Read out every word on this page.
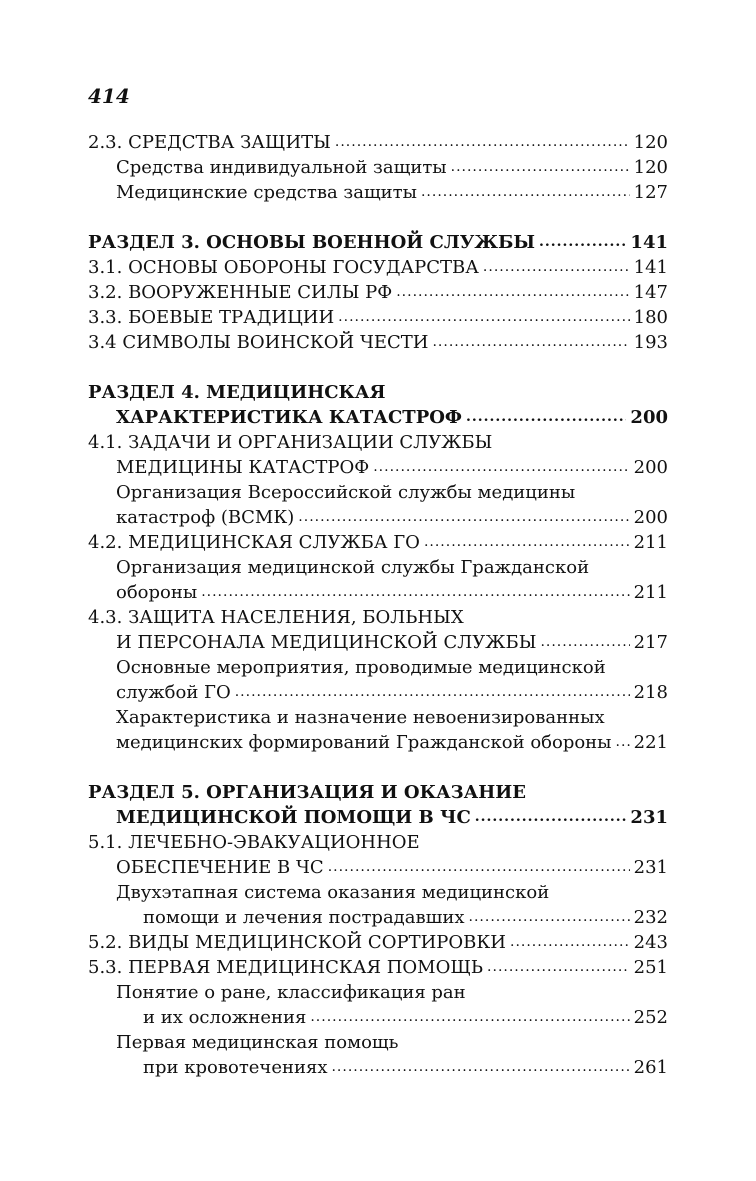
414
2.3. СРЕДСТВА ЗАЩИТЫ .....	120
Средства индивидуальной защиты .....	120
Медицинские средства защиты .....	127
РАЗДЕЛ 3. ОСНОВЫ ВОЕННОЙ СЛУЖБЫ .....	141
3.1. ОСНОВЫ ОБОРОНЫ ГОСУДАРСТВА .....	141
3.2. ВООРУЖЕННЫЕ СИЛЫ РФ .....	147
3.3. БОЕВЫЕ ТРАДИЦИИ .....	180
3.4 СИМВОЛЫ ВОИНСКОЙ ЧЕСТИ .....	193
РАЗДЕЛ 4. МЕДИЦИНСКАЯ
ХАРАКТЕРИСТИКА КАТАСТРОФ .....	200
4.1. ЗАДАЧИ И ОРГАНИЗАЦИИ СЛУЖБЫ
МЕДИЦИНЫ КАТАСТРОФ .....	200
Организация Всероссийской службы медицины
катастроф (ВСМК) .....	200
4.2. МЕДИЦИНСКАЯ СЛУЖБА ГО .....	211
Организация медицинской службы Гражданской
обороны .....	211
4.3. ЗАЩИТА НАСЕЛЕНИЯ, БОЛЬНЫХ
И ПЕРСОНАЛА МЕДИЦИНСКОЙ СЛУЖБЫ .....	217
Основные мероприятия, проводимые медицинской
службой ГО .....	218
Характеристика и назначение невоенизированных
медицинских формирований Гражданской обороны ..... 221
РАЗДЕЛ 5. ОРГАНИЗАЦИЯ И ОКАЗАНИЕ
МЕДИЦИНСКОЙ ПОМОЩИ В ЧС .....	231
5.1. ЛЕЧЕБНО-ЭВАКУАЦИОННОЕ
ОБЕСПЕЧЕНИЕ В ЧС .....	231
Двухэтапная система оказания медицинской
помощи и лечения пострадавших .....	232
5.2. ВИДЫ МЕДИЦИНСКОЙ СОРТИРОВКИ .....	243
5.3. ПЕРВАЯ МЕДИЦИНСКАЯ ПОМОЩЬ .....	251
Понятие о ране, классификация ран
и их осложнения .....	252
Первая медицинская помощь
при кровотечениях .....	261
